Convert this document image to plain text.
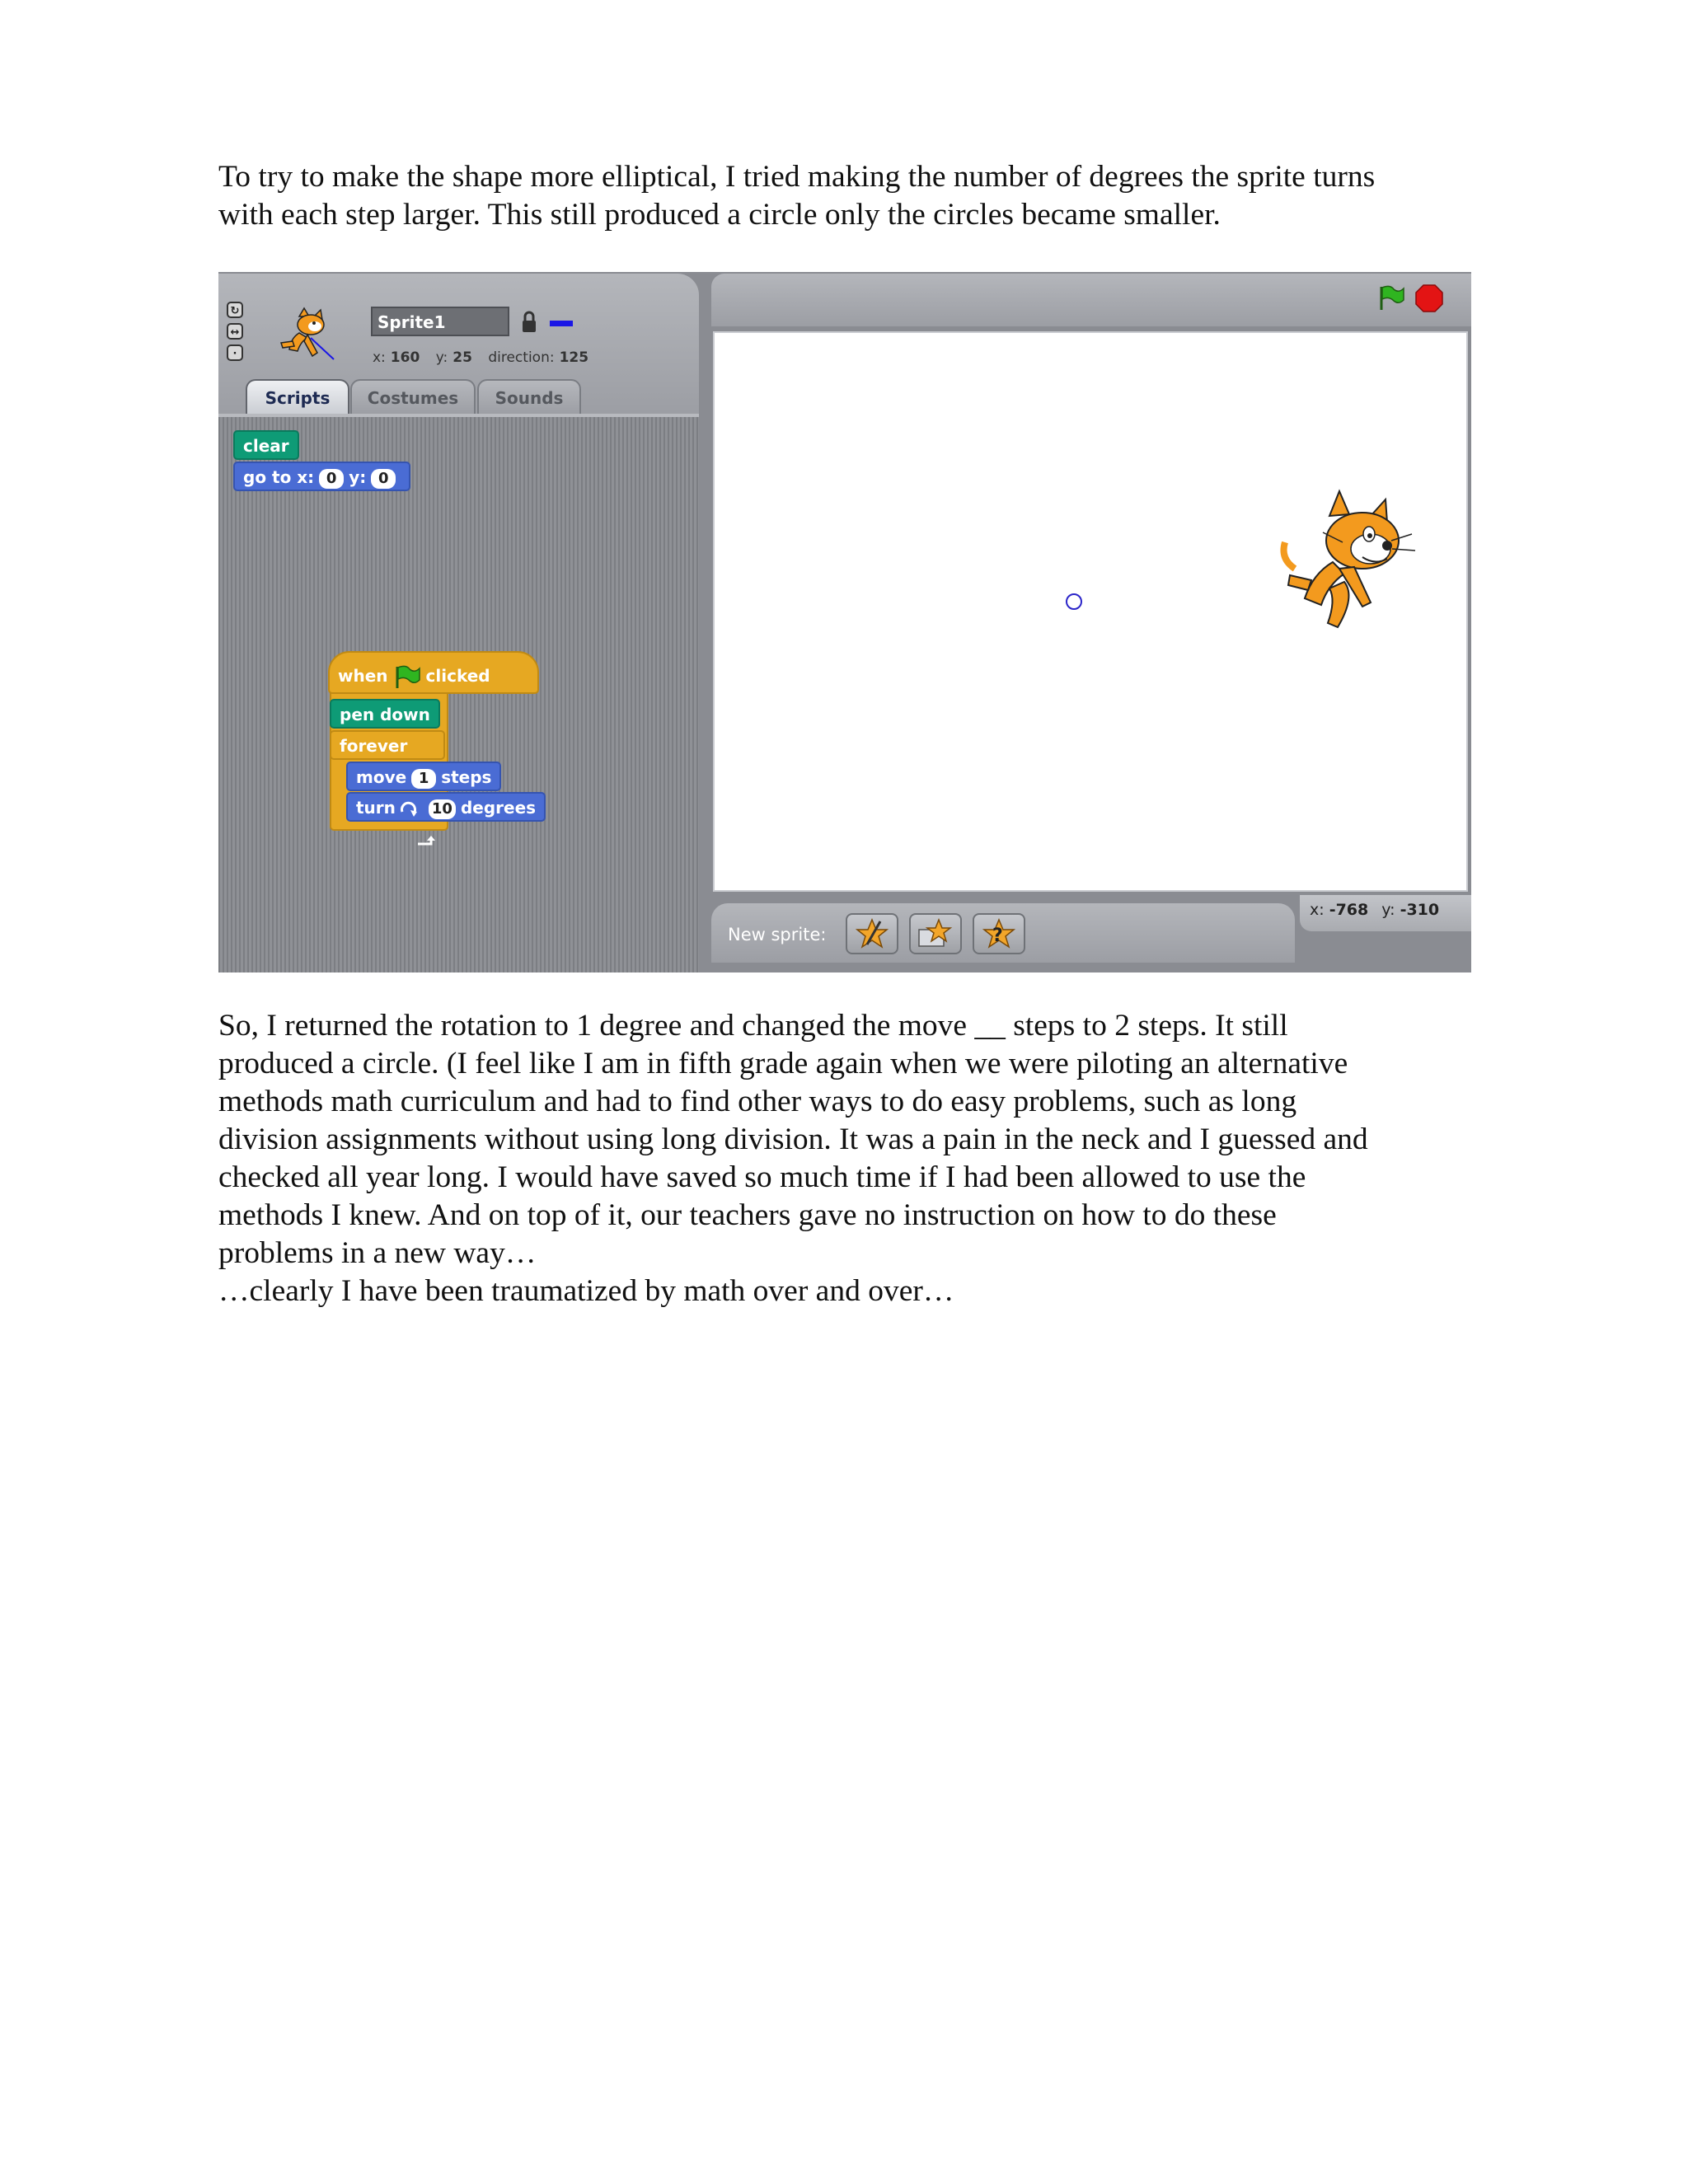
To try to make the shape more elliptical, I tried making the number of degrees the sprite turns
with each step larger. This still produced a circle only the circles became smaller.
↻
↔
·
Sprite1
x: 160 y: 25 direction: 125
Scripts	Costumes	Sounds
clear
go to x: 0 y: 0
when clicked
pen down
forever
move 1 steps
turn 10 degrees
New sprite:	?
x: -768 y: -310
So, I returned the rotation to 1 degree and changed the move __ steps to 2 steps. It still
produced a circle. (I feel like I am in fifth grade again when we were piloting an alternative
methods math curriculum and had to find other ways to do easy problems, such as long
division assignments without using long division. It was a pain in the neck and I guessed and
checked all year long. I would have saved so much time if I had been allowed to use the
methods I knew. And on top of it, our teachers gave no instruction on how to do these
problems in a new way…
…clearly I have been traumatized by math over and over…
